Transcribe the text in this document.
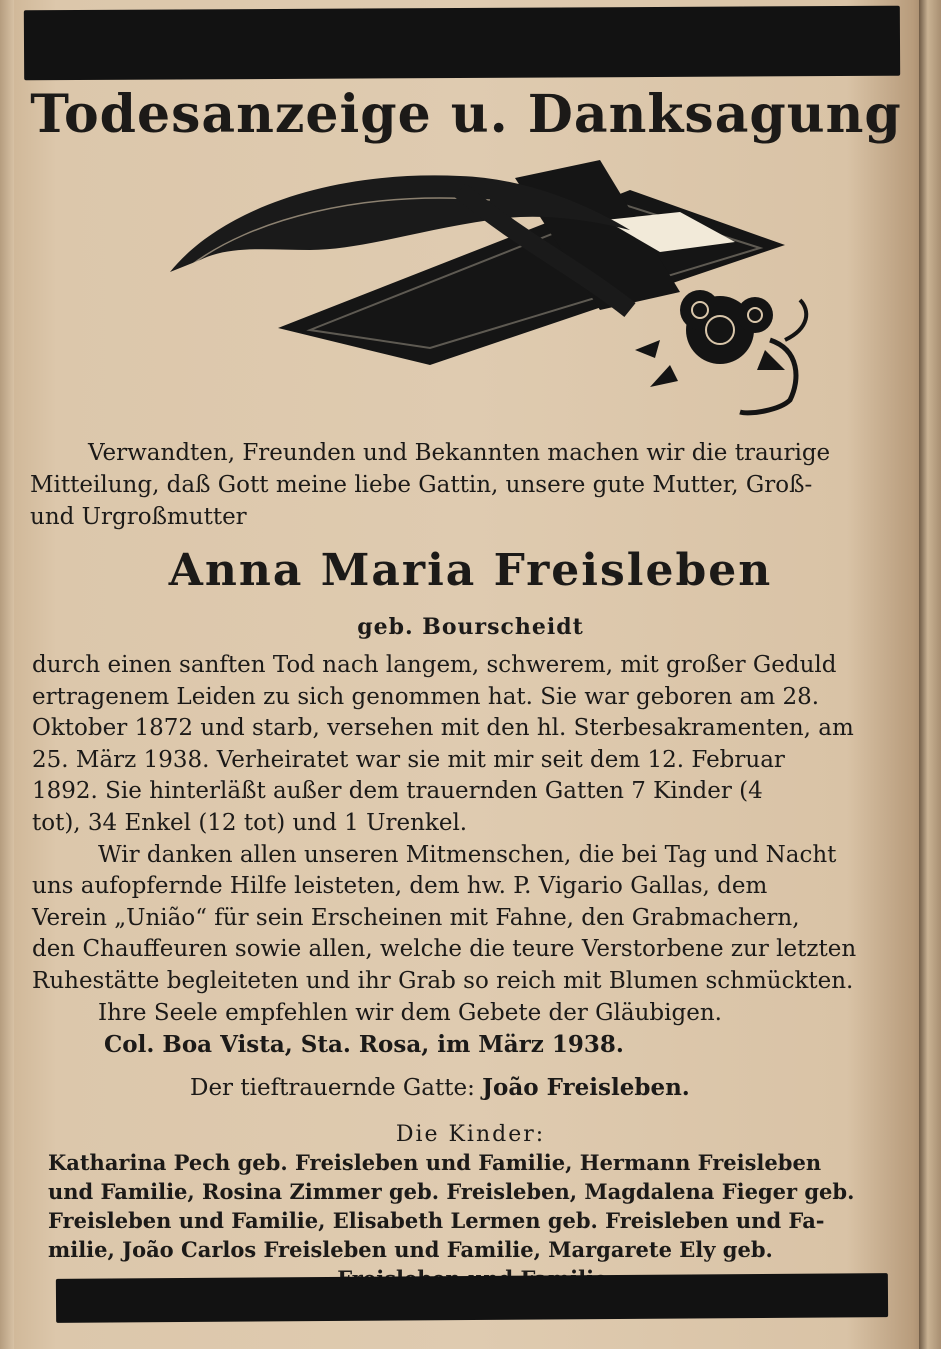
Todesanzeige u. Danksagung
Verwandten, Freunden und Bekannten machen wir die traurige
Mitteilung, daß Gott meine liebe Gattin, unsere gute Mutter, Groß-
und Urgroßmutter
Anna Maria Freisleben
geb. Bourscheidt
durch einen sanften Tod nach langem, schwerem, mit großer Geduld
ertragenem Leiden zu sich genommen hat. Sie war geboren am 28.
Oktober 1872 und starb, versehen mit den hl. Sterbesakramenten, am
25. März 1938. Verheiratet war sie mit mir seit dem 12. Februar
1892. Sie hinterläßt außer dem trauernden Gatten 7 Kinder (4
tot), 34 Enkel (12 tot) und 1 Urenkel.
Wir danken allen unseren Mitmenschen, die bei Tag und Nacht
uns aufopfernde Hilfe leisteten, dem hw. P. Vigario Gallas, dem
Verein „União“ für sein Erscheinen mit Fahne, den Grabmachern,
den Chauffeuren sowie allen, welche die teure Verstorbene zur letzten
Ruhestätte begleiteten und ihr Grab so reich mit Blumen schmückten.
Ihre Seele empfehlen wir dem Gebete der Gläubigen.
Col. Boa Vista, Sta. Rosa, im März 1938.
Der tieftrauernde Gatte: João Freisleben.
Die Kinder:
Katharina Pech geb. Freisleben und Familie, Hermann Freisleben
und Familie, Rosina Zimmer geb. Freisleben, Magdalena Fieger geb.
Freisleben und Familie, Elisabeth Lermen geb. Freisleben und Fa-
milie, João Carlos Freisleben und Familie, Margarete Ely geb.
